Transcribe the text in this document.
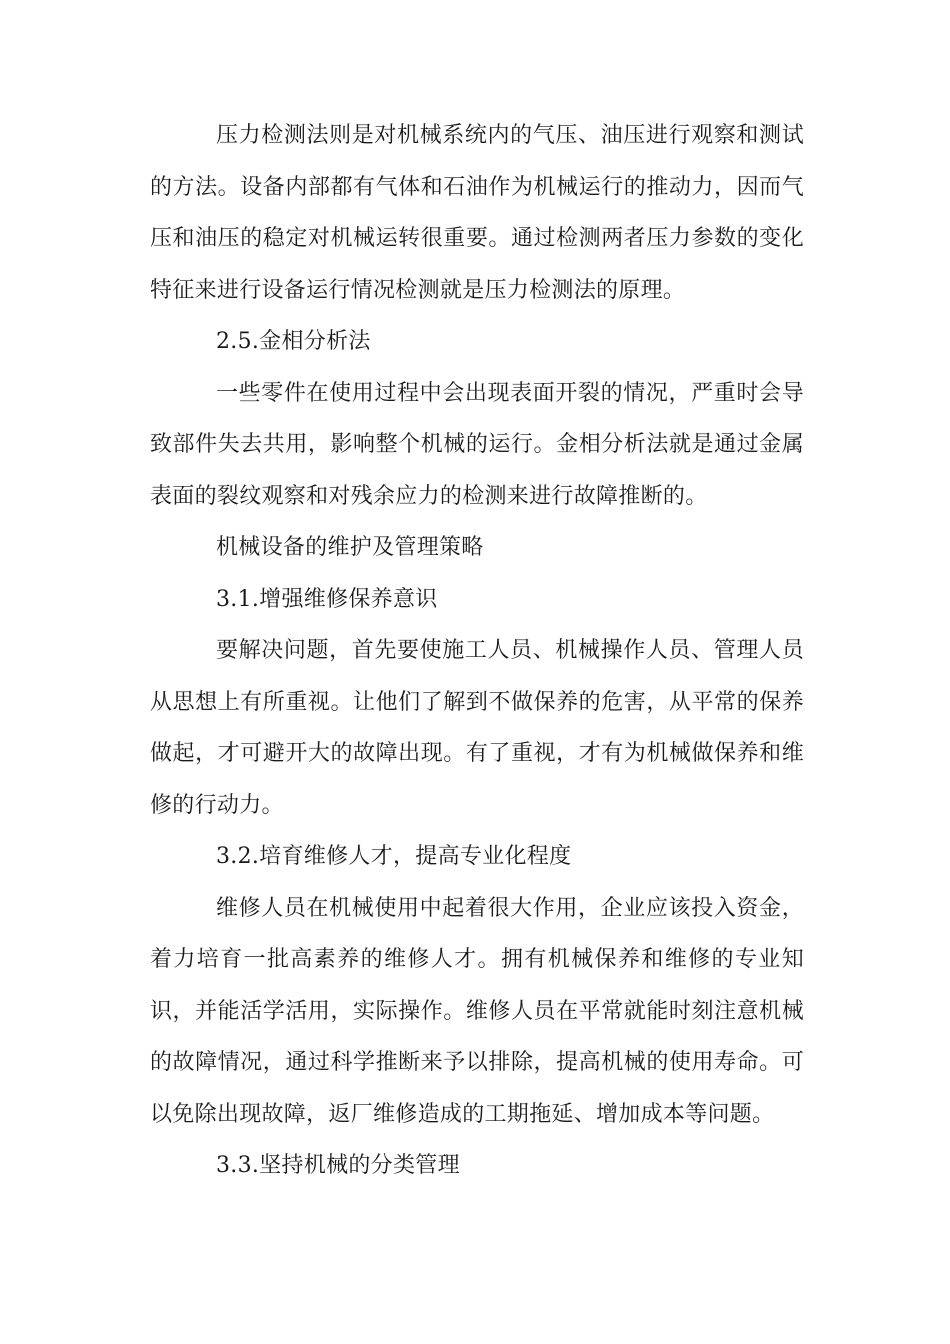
压力检测法则是对机械系统内的气压、油压进行观察和测试的方法。设备内部都有气体和石油作为机械运行的推动力，因而气压和油压的稳定对机械运转很重要。通过检测两者压力参数的变化特征来进行设备运行情况检测就是压力检测法的原理。

2.5.金相分析法

一些零件在使用过程中会出现表面开裂的情况，严重时会导致部件失去共用，影响整个机械的运行。金相分析法就是通过金属表面的裂纹观察和对残余应力的检测来进行故障推断的。

机械设备的维护及管理策略

3.1.增强维修保养意识

要解决问题，首先要使施工人员、机械操作人员、管理人员从思想上有所重视。让他们了解到不做保养的危害，从平常的保养做起，才可避开大的故障出现。有了重视，才有为机械做保养和维修的行动力。

3.2.培育维修人才，提高专业化程度

维修人员在机械使用中起着很大作用，企业应该投入资金，着力培育一批高素养的维修人才。拥有机械保养和维修的专业知识，并能活学活用，实际操作。维修人员在平常就能时刻注意机械的故障情况，通过科学推断来予以排除，提高机械的使用寿命。可以免除出现故障，返厂维修造成的工期拖延、增加成本等问题。

3.3.坚持机械的分类管理
